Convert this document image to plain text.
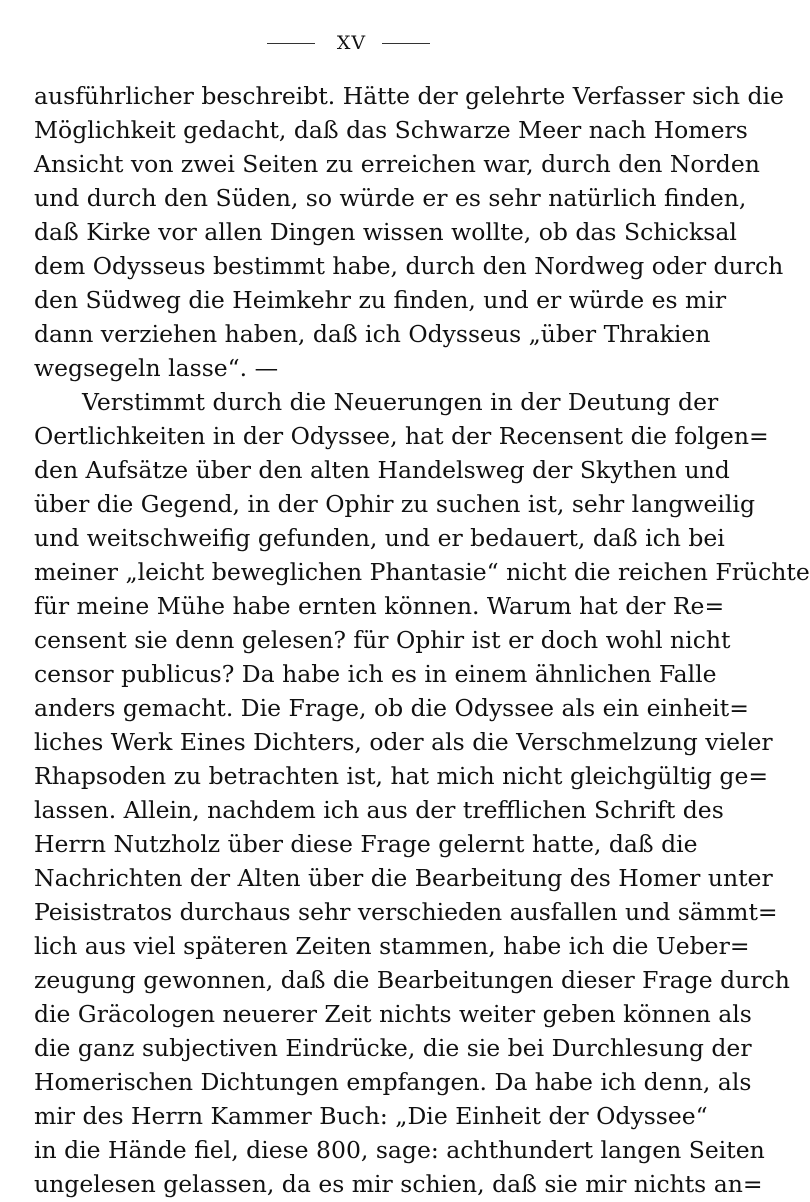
XV
ausführlicher beschreibt. Hätte der gelehrte Verfasser sich die
Möglichkeit gedacht, daß das Schwarze Meer nach Homers
Ansicht von zwei Seiten zu erreichen war, durch den Norden
und durch den Süden, so würde er es sehr natürlich finden,
daß Kirke vor allen Dingen wissen wollte, ob das Schicksal
dem Odysseus bestimmt habe, durch den Nordweg oder durch
den Südweg die Heimkehr zu finden, und er würde es mir
dann verziehen haben, daß ich Odysseus „über Thrakien
wegsegeln lasse“. —
Verstimmt durch die Neuerungen in der Deutung der
Oertlichkeiten in der Odyssee, hat der Recensent die folgen=
den Aufsätze über den alten Handelsweg der Skythen und
über die Gegend, in der Ophir zu suchen ist, sehr langweilig
und weitschweifig gefunden, und er bedauert, daß ich bei
meiner „leicht beweglichen Phantasie“ nicht die reichen Früchte
für meine Mühe habe ernten können. Warum hat der Re=
censent sie denn gelesen? für Ophir ist er doch wohl nicht
censor publicus? Da habe ich es in einem ähnlichen Falle
anders gemacht. Die Frage, ob die Odyssee als ein einheit=
liches Werk Eines Dichters, oder als die Verschmelzung vieler
Rhapsoden zu betrachten ist, hat mich nicht gleichgültig ge=
lassen. Allein, nachdem ich aus der trefflichen Schrift des
Herrn Nutzholz über diese Frage gelernt hatte, daß die
Nachrichten der Alten über die Bearbeitung des Homer unter
Peisistratos durchaus sehr verschieden ausfallen und sämmt=
lich aus viel späteren Zeiten stammen, habe ich die Ueber=
zeugung gewonnen, daß die Bearbeitungen dieser Frage durch
die Gräcologen neuerer Zeit nichts weiter geben können als
die ganz subjectiven Eindrücke, die sie bei Durchlesung der
Homerischen Dichtungen empfangen. Da habe ich denn, als
mir des Herrn Kammer Buch: „Die Einheit der Odyssee“
in die Hände fiel, diese 800, sage: achthundert langen Seiten
ungelesen gelassen, da es mir schien, daß sie mir nichts an=
